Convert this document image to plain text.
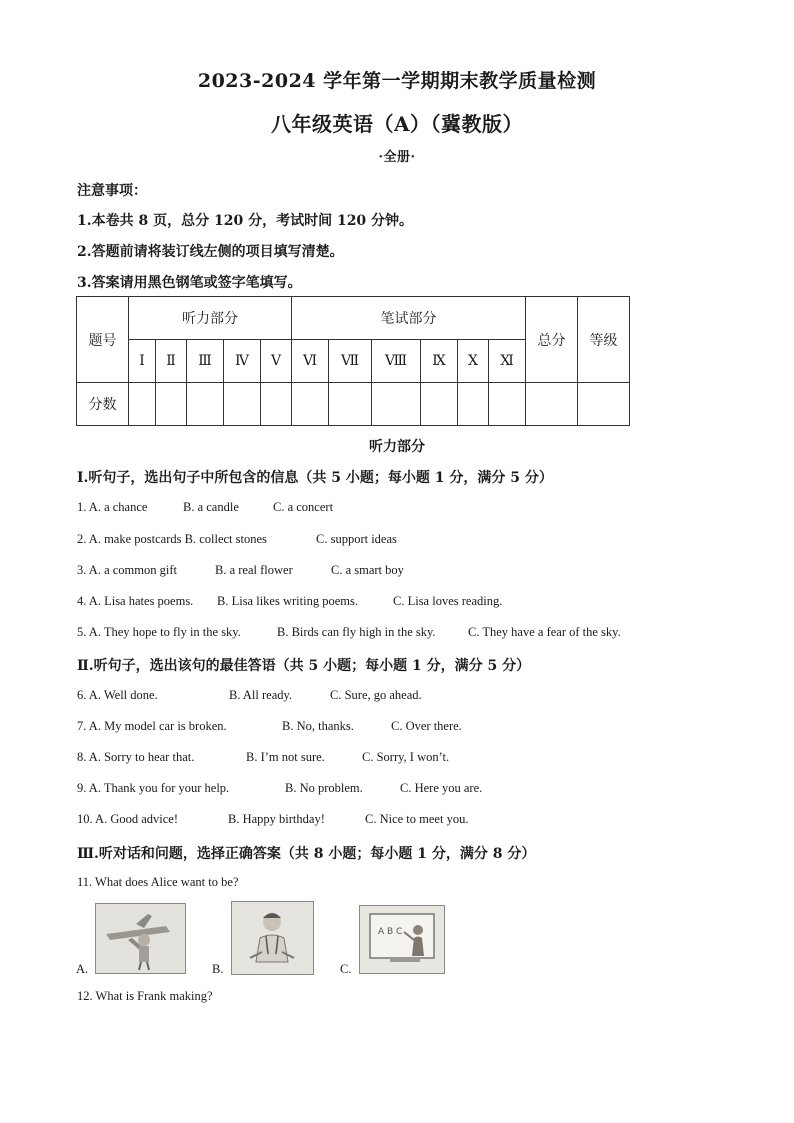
2023-2024 学年第一学期期末教学质量检测
八年级英语（A）（冀教版）
·全册·
注意事项：
1.本卷共 8 页，总分 120 分，考试时间 120 分钟。
2.答题前请将装订线左侧的项目填写清楚。
3.答案请用黑色钢笔或签字笔填写。
题号	听力部分					笔试部分						总分	等级
	Ⅰ	Ⅱ	Ⅲ	Ⅳ	Ⅴ	Ⅵ	Ⅶ	Ⅷ	Ⅸ	Ⅹ	Ⅺ		
分数													
听力部分
Ⅰ.听句子，选出句子中所包含的信息（共 5 小题；每小题 1 分，满分 5 分）
1. A. a chance	B. a candle	C. a concert
2. A. make postcards B. collect stones	C. support ideas
3. A. a common gift	B. a real flower	C. a smart boy
4. A. Lisa hates poems. B. Lisa likes writing poems.	C. Lisa loves reading.
5. A. They hope to fly in the sky.	B. Birds can fly high in the sky.	C. They have a fear of the sky.
Ⅱ.听句子，选出该句的最佳答语（共 5 小题；每小题 1 分，满分 5 分）
6. A. Well done.	B. All ready.	C. Sure, go ahead.
7. A. My model car is broken.	B. No, thanks.	C. Over there.
8. A. Sorry to hear that.	B. I’m not sure.	C. Sorry, I won’t.
9. A. Thank you for your help.	B. No problem.	C. Here you are.
10. A. Good advice!	B. Happy birthday!	C. Nice to meet you.
Ⅲ.听对话和问题，选择正确答案（共 8 小题；每小题 1 分，满分 8 分）
11. What does Alice want to be?
A.	B.	C.
A B C
12. What is Frank making?
